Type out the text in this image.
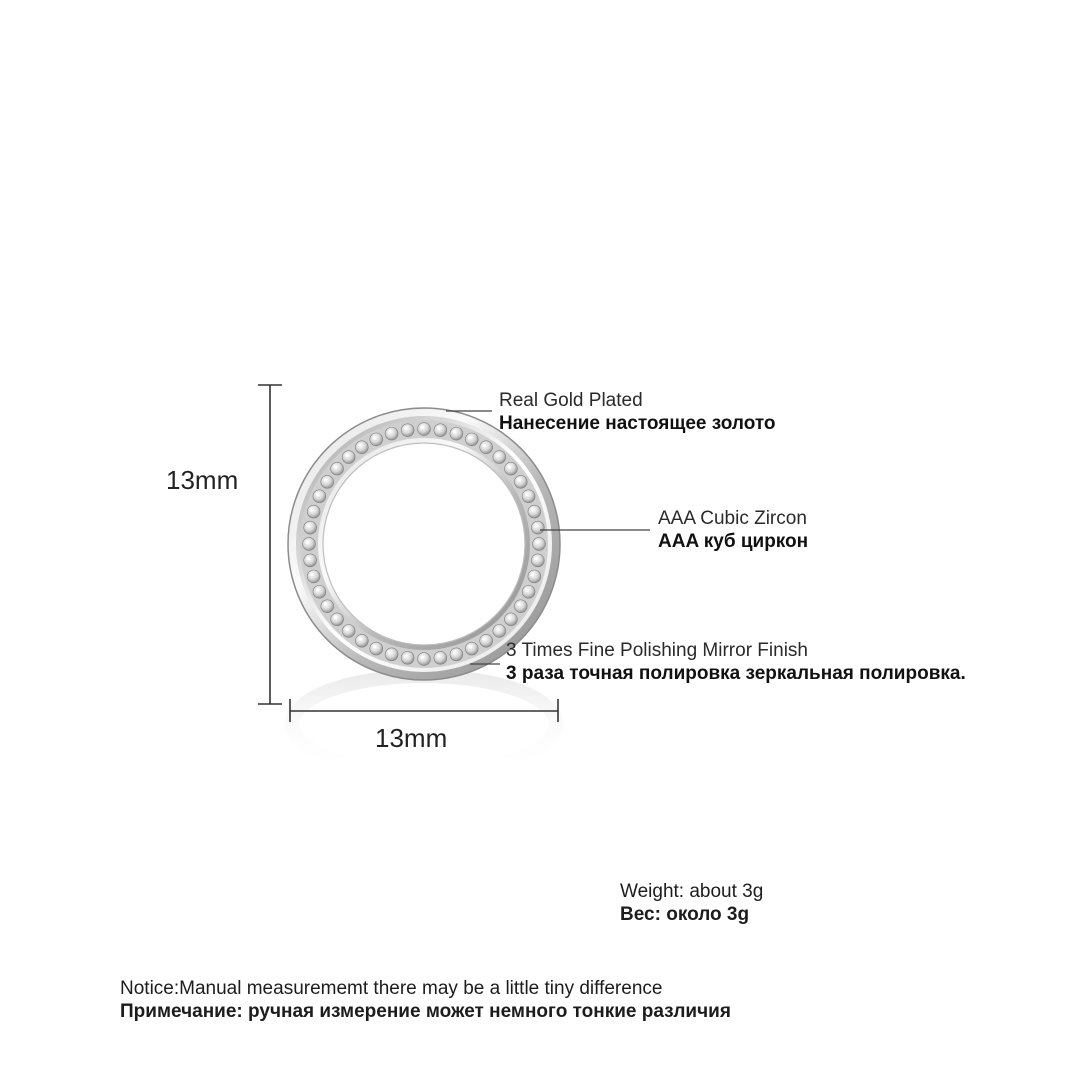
13mm
13mm
Real Gold Plated
Нанесение настоящее золото
AAA Cubic Zircon
AAA куб циркон
3 Times Fine Polishing Mirror Finish
3 раза точная полировка зеркальная полировка.
Weight: about 3g
Вес: около 3g
Notice:Manual measurememt there may be a little tiny difference
Примечание: ручная измерение может немного тонкие различия
